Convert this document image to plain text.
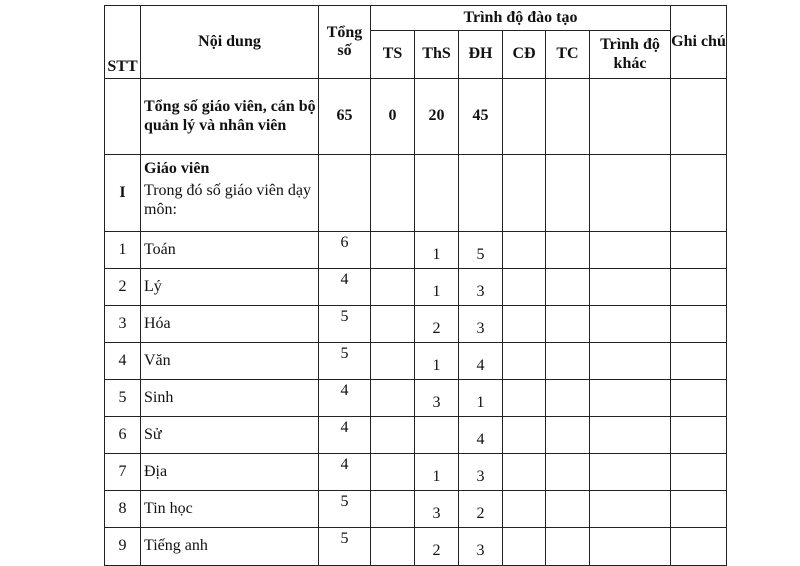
STT	Nội dung	Tổng số	Trình độ đào tạo						Ghi chú
			TS	ThS	ĐH	CĐ	TC	Trình độ khác	
	Tổng số giáo viên, cán bộ quản lý và nhân viên	65	0	20	45				
I	Giáo viên
Trong đó số giáo viên dạy môn:								

1	Toán	6		1	5				
2	Lý	4		1	3				
3	Hóa	5		2	3				
4	Văn	5		1	4				
5	Sinh	4		3	1				
6	Sử	4			4				
7	Địa	4		1	3				
8	Tin học	5		3	2				
9	Tiếng anh	5		2	3				
